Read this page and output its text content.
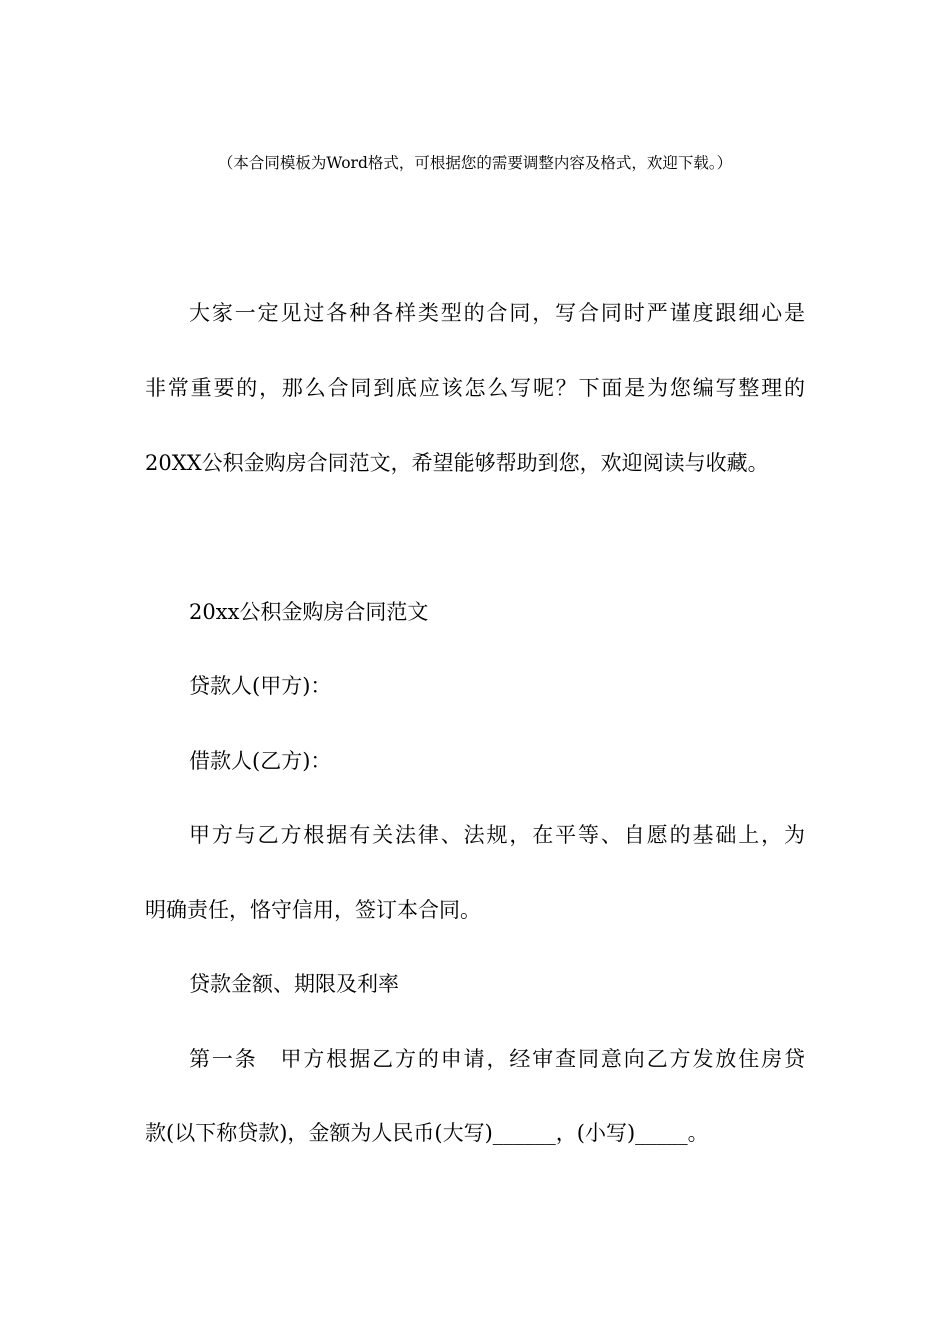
（本合同模板为Word格式，可根据您的需要调整内容及格式，欢迎下载。）
大家一定见过各种各样类型的合同，写合同时严谨度跟细心是
非常重要的，那么合同到底应该怎么写呢？下面是为您编写整理的
20XX公积金购房合同范文，希望能够帮助到您，欢迎阅读与收藏。
20xx公积金购房合同范文
贷款人(甲方)：
借款人(乙方)：
甲方与乙方根据有关法律、法规，在平等、自愿的基础上，为
明确责任，恪守信用，签订本合同。
贷款金额、期限及利率
第一条　甲方根据乙方的申请，经审查同意向乙方发放住房贷
款(以下称贷款)，金额为人民币(大写)______，(小写)_____。
